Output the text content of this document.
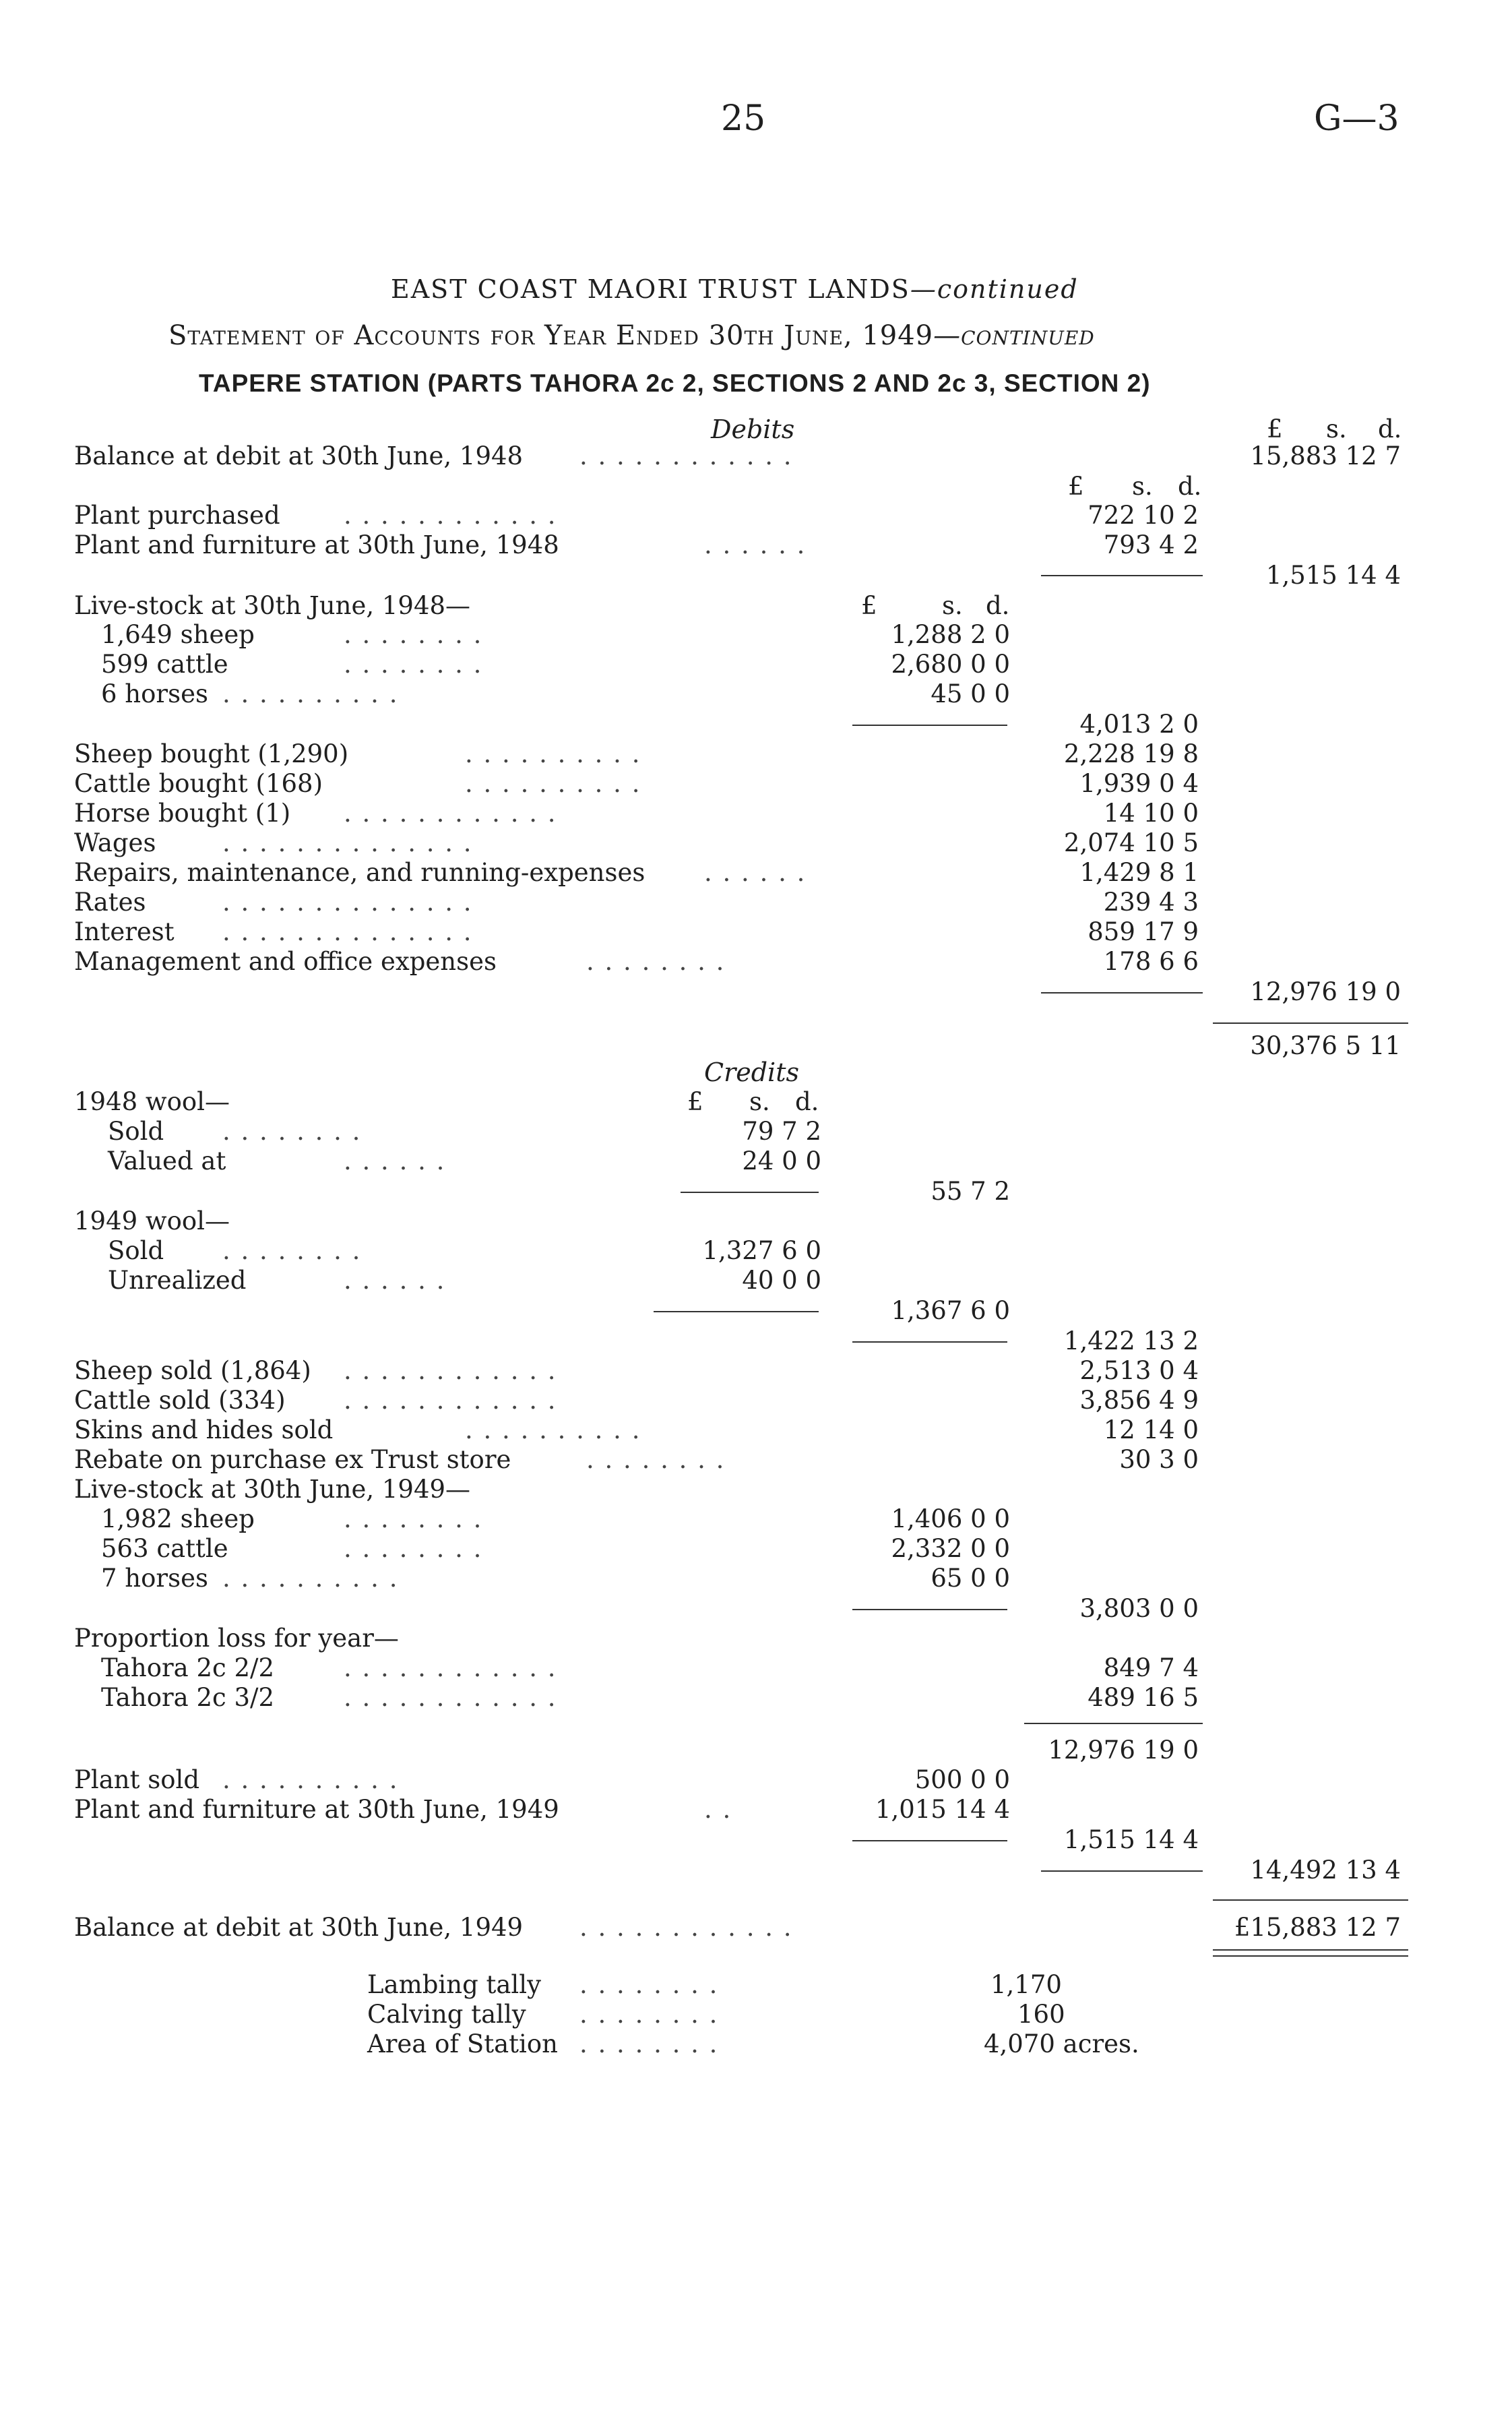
25	G—3
EAST COAST MAORI TRUST LANDS—continued
Statement of Accounts for Year Ended 30th June, 1949—continued
TAPERE STATION (PARTS TAHORA 2c 2, SECTIONS 2 AND 2c 3, SECTION 2)
Debits	£ s. d.
Balance at debit at 30th June, 1948 . . . . . . . . . . . .	15,883 12 7
£ s. d.
Plant purchased	. . . . . . . . . . . .	722 10 2
Plant and furniture at 30th June, 1948	. . . . . .	793 4 2
1,515 14 4
Live-stock at 30th June, 1948—	£	s. d.
1,649 sheep	. . . . . . . .	1,288 2 0
599 cattle	. . . . . . . .	2,680 0 0
6 horses . . . . . . . . . .	45 0 0
4,013 2 0
Sheep bought (1,290)	. . . . . . . . . .	2,228 19 8
Cattle bought (168)	. . . . . . . . . .	1,939 0 4
Horse bought (1) . . . . . . . . . . . .	14 10 0
Wages	. . . . . . . . . . . . . .	2,074 10 5
Repairs, maintenance, and running-expenses . . . . . .	1,429 8 1
Rates	. . . . . . . . . . . . . .	239 4 3
Interest . . . . . . . . . . . . . .	859 17 9
Management and office expenses	. . . . . . . .	178 6 6
12,976 19 0
30,376 5 11
Credits
1948 wool—	£ s. d.
Sold . . . . . . . .	79 7 2
Valued at	. . . . . .	24 0 0
55 7 2
1949 wool—
Sold . . . . . . . .	1,327 6 0
Unrealized	. . . . . .	40 0 0
1,367 6 0
1,422 13 2
Sheep sold (1,864) . . . . . . . . . . . .	2,513 0 4
Cattle sold (334) . . . . . . . . . . . .	3,856 4 9
Skins and hides sold	. . . . . . . . . .	12 14 0
Rebate on purchase ex Trust store	. . . . . . . .	30 3 0
Live-stock at 30th June, 1949—
1,982 sheep	. . . . . . . .	1,406 0 0
563 cattle	. . . . . . . .	2,332 0 0
7 horses . . . . . . . . . .	65 0 0
3,803 0 0
Proportion loss for year—
Tahora 2c 2/2	. . . . . . . . . . . .	849 7 4
Tahora 2c 3/2	. . . . . . . . . . . .	489 16 5
12,976 19 0
Plant sold . . . . . . . . . .	500 0 0
Plant and furniture at 30th June, 1949	. .	1,015 14 4
1,515 14 4
14,492 13 4
Balance at debit at 30th June, 1949 . . . . . . . . . . . .	£15,883 12 7
Lambing tally . . . . . . . .	1,170
Calving tally . . . . . . . .	160
Area of Station . . . . . . . .	4,070 acres.
